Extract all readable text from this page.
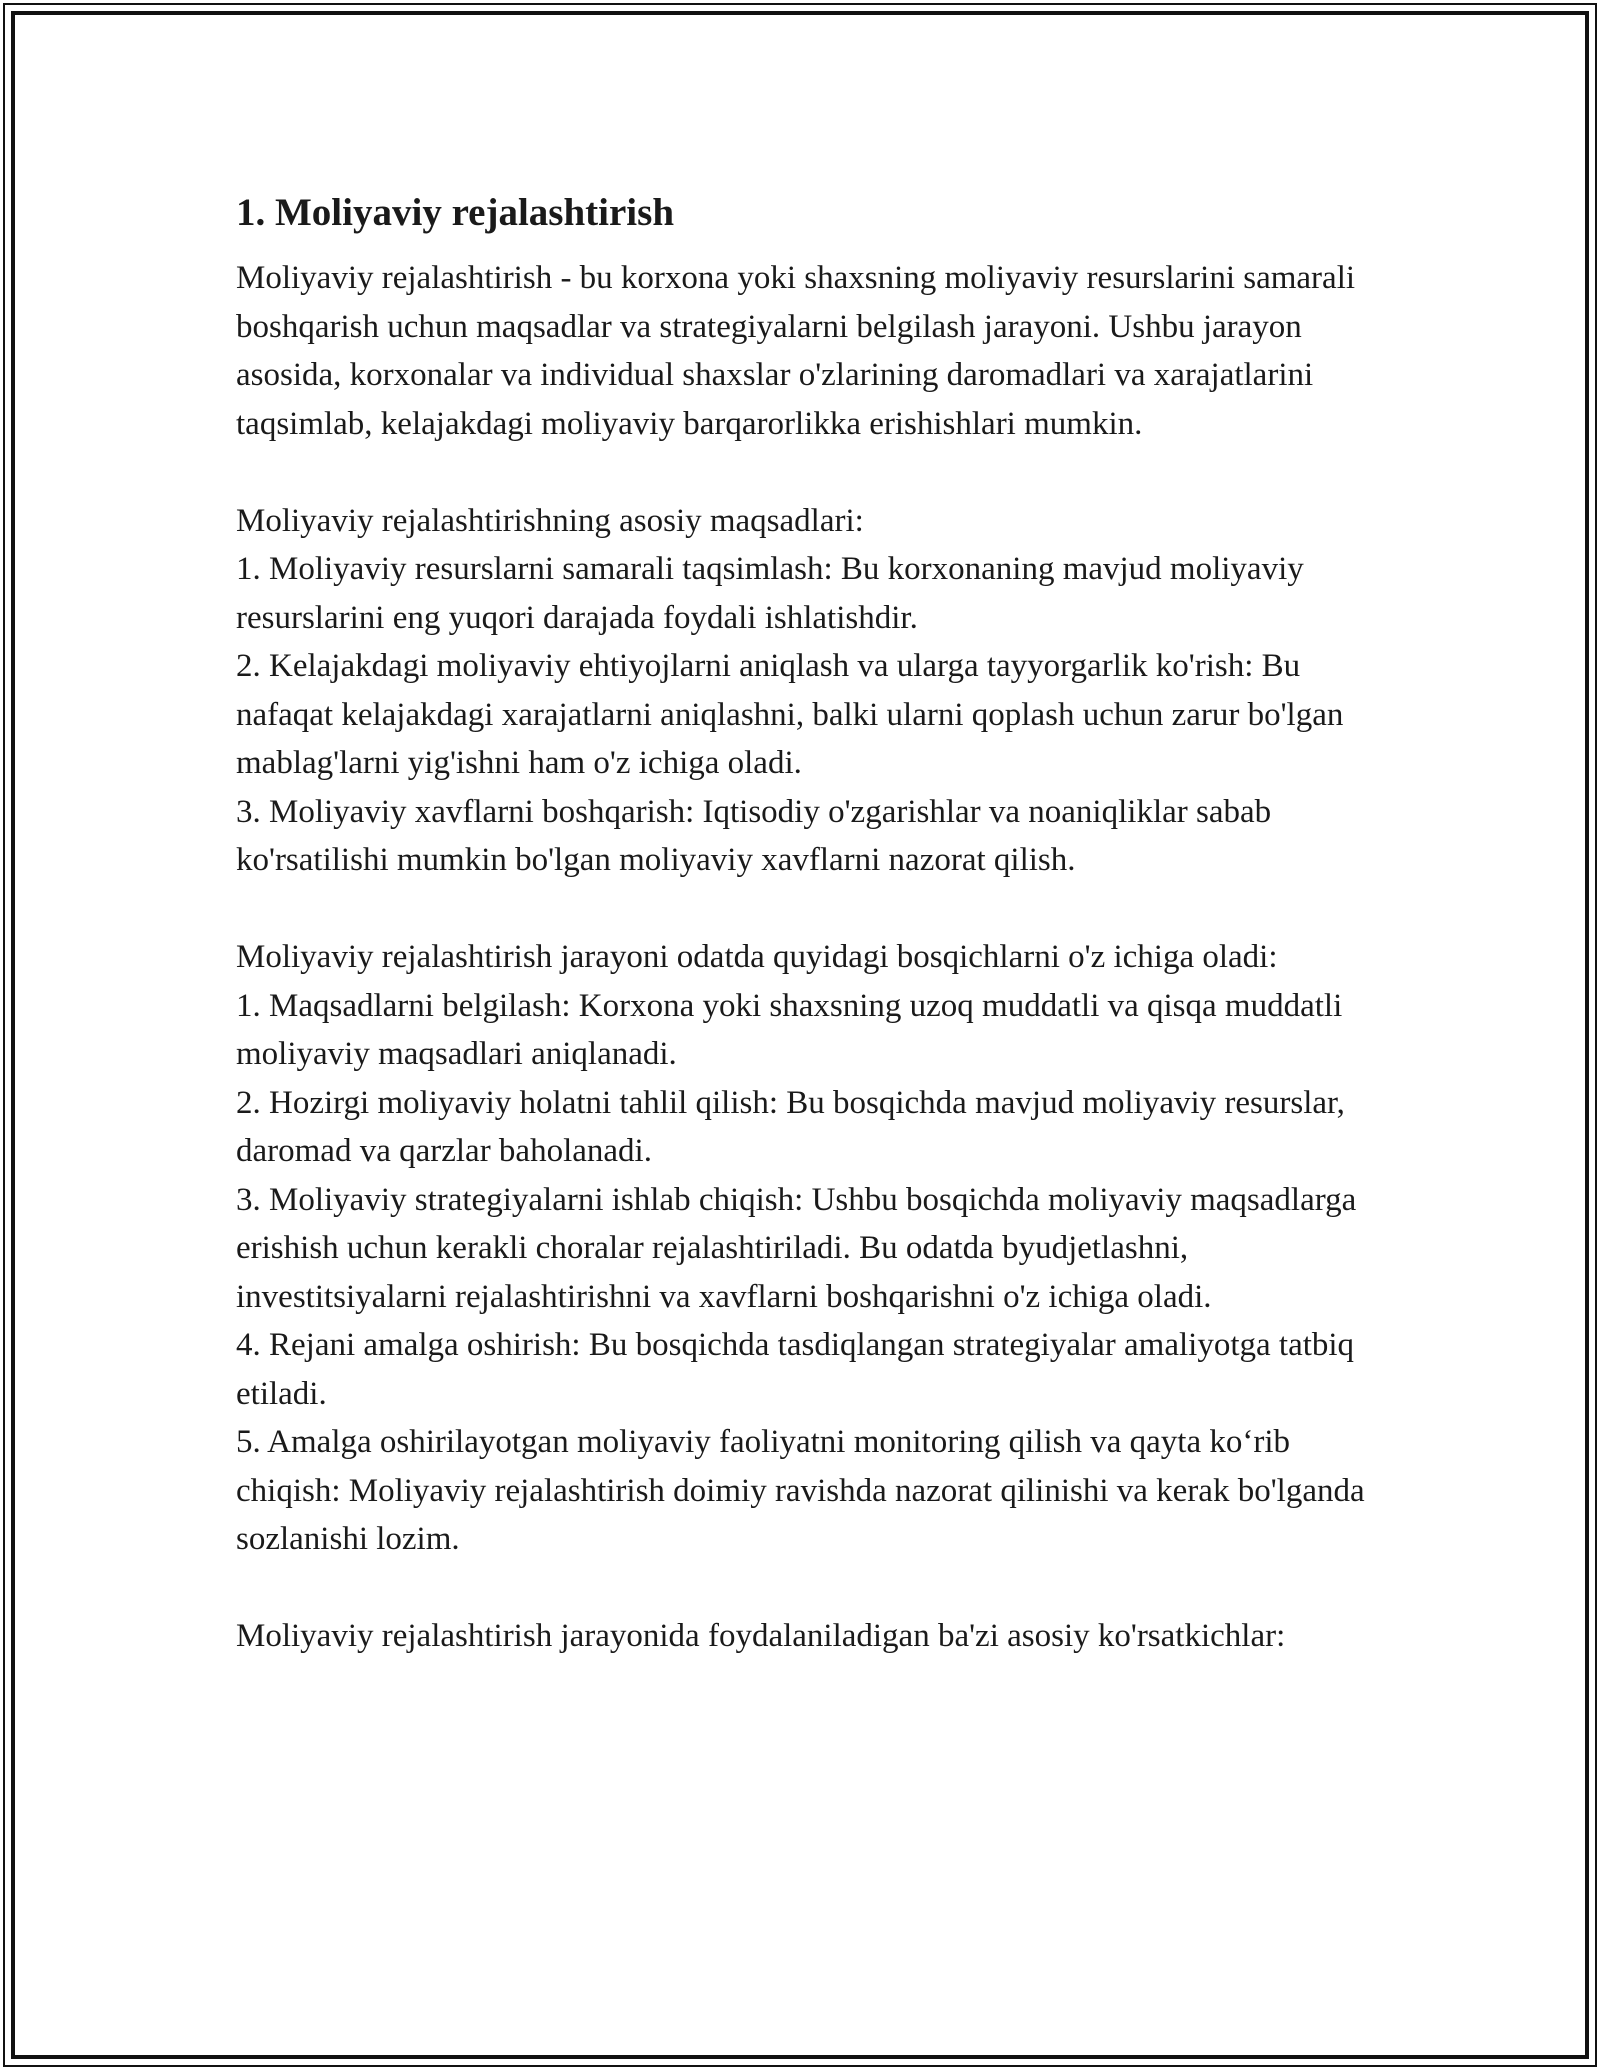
1. Moliyaviy rejalashtirish

Moliyaviy rejalashtirish - bu korxona yoki shaxsning moliyaviy resurslarini samarali boshqarish uchun maqsadlar va strategiyalarni belgilash jarayoni. Ushbu jarayon asosida, korxonalar va individual shaxslar o'zlarining daromadlari va xarajatlarini taqsimlab, kelajakdagi moliyaviy barqarorlikka erishishlari mumkin.

Moliyaviy rejalashtirishning asosiy maqsadlari:

1. Moliyaviy resurslarni samarali taqsimlash: Bu korxonaning mavjud moliyaviy resurslarini eng yuqori darajada foydali ishlatishdir.

2. Kelajakdagi moliyaviy ehtiyojlarni aniqlash va ularga tayyorgarlik ko'rish: Bu nafaqat kelajakdagi xarajatlarni aniqlashni, balki ularni qoplash uchun zarur bo'lgan mablag'larni yig'ishni ham o'z ichiga oladi.

3. Moliyaviy xavflarni boshqarish: Iqtisodiy o'zgarishlar va noaniqliklar sabab ko'rsatilishi mumkin bo'lgan moliyaviy xavflarni nazorat qilish.

Moliyaviy rejalashtirish jarayoni odatda quyidagi bosqichlarni o'z ichiga oladi:

1. Maqsadlarni belgilash: Korxona yoki shaxsning uzoq muddatli va qisqa muddatli moliyaviy maqsadlari aniqlanadi.

2. Hozirgi moliyaviy holatni tahlil qilish: Bu bosqichda mavjud moliyaviy resurslar, daromad va qarzlar baholanadi.

3. Moliyaviy strategiyalarni ishlab chiqish: Ushbu bosqichda moliyaviy maqsadlarga erishish uchun kerakli choralar rejalashtiriladi. Bu odatda byudjetlashni, investitsiyalarni rejalashtirishni va xavflarni boshqarishni o'z ichiga oladi.

4. Rejani amalga oshirish: Bu bosqichda tasdiqlangan strategiyalar amaliyotga tatbiq etiladi.

5. Amalga oshirilayotgan moliyaviy faoliyatni monitoring qilish va qayta ko‘rib chiqish: Moliyaviy rejalashtirish doimiy ravishda nazorat qilinishi va kerak bo'lganda sozlanishi lozim.

Moliyaviy rejalashtirish jarayonida foydalaniladigan ba'zi asosiy ko'rsatkichlar:
